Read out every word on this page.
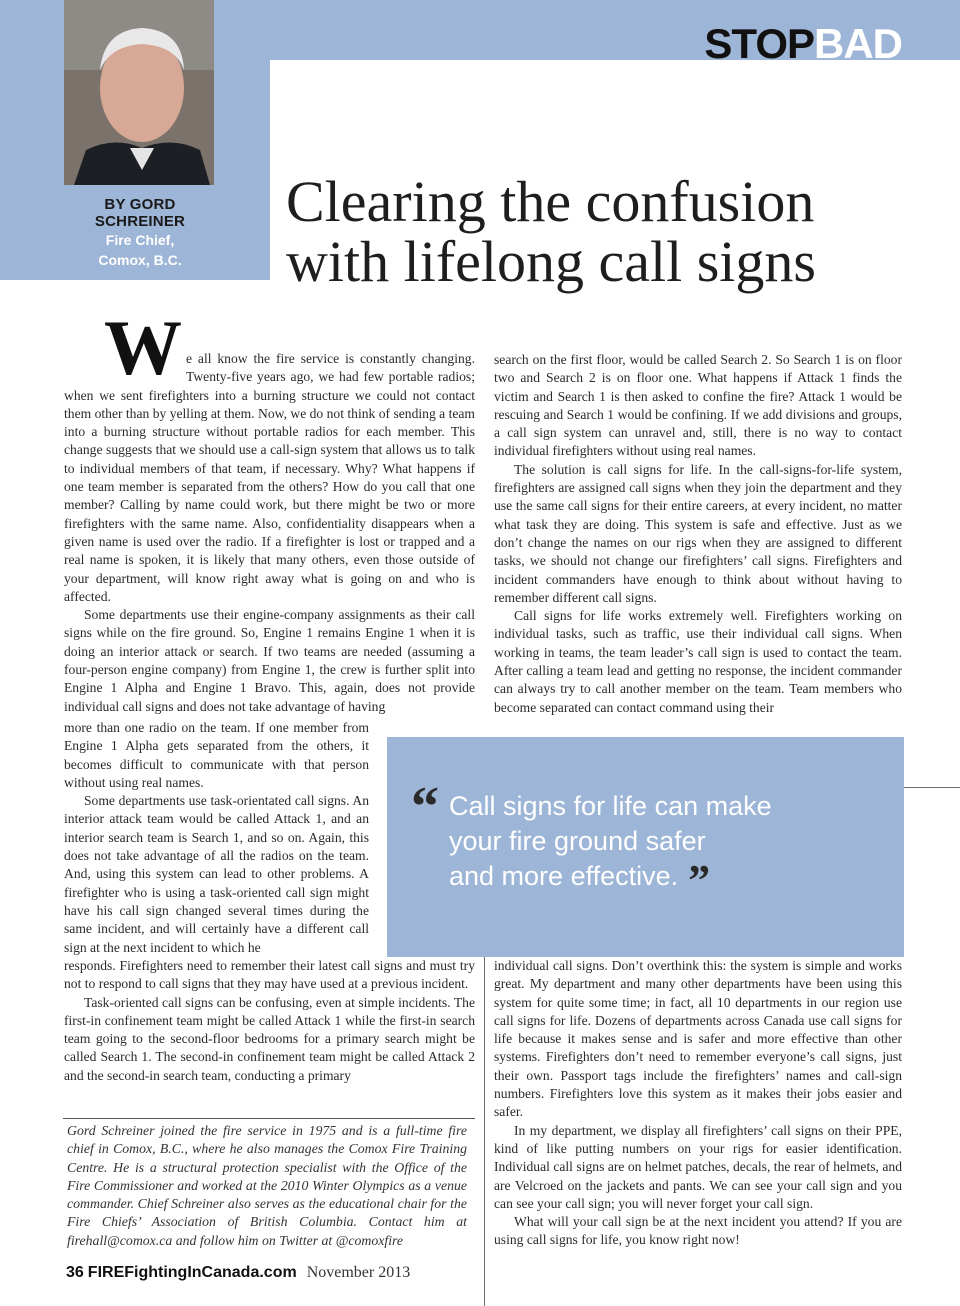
BY GORD SCHREINER
Fire Chief,
Comox, B.C.
STOPBAD
Clearing the confusion
with lifelong call signs
W e all know the fire service is constantly changing. Twenty-five years ago, we had few portable radios; when we sent firefighters into a burning structure we could not contact them other than by yelling at them. Now, we do not think of sending a team into a burning structure without portable radios for each member. This change suggests that we should use a call-sign system that allows us to talk to individual members of that team, if necessary. Why? What happens if one team member is separated from the others? How do you call that one member? Calling by name could work, but there might be two or more firefighters with the same name. Also, confidentiality disappears when a given name is used over the radio. If a firefighter is lost or trapped and a real name is spoken, it is likely that many others, even those outside of your department, will know right away what is going on and who is affected.

Some departments use their engine-company assignments as their call signs while on the fire ground. So, Engine 1 remains Engine 1 when it is doing an interior attack or search. If two teams are needed (assuming a four-person engine company) from Engine 1, the crew is further split into Engine 1 Alpha and Engine 1 Bravo. This, again, does not provide individual call signs and does not take advantage of having

more than one radio on the team. If one member from Engine 1 Alpha gets separated from the others, it becomes difficult to communicate with that person without using real names.

Some departments use task-orientated call signs. An interior attack team would be called Attack 1, and an interior search team is Search 1, and so on. Again, this does not take advantage of all the radios on the team. And, using this system can lead to other problems. A firefighter who is using a task-oriented call sign might have his call sign changed several times during the same incident, and will certainly have a different call sign at the next incident to which he

responds. Firefighters need to remember their latest call signs and must try not to respond to call signs that they may have used at a previous incident.

Task-oriented call signs can be confusing, even at simple incidents. The first-in confinement team might be called Attack 1 while the first-in search team going to the second-floor bedrooms for a primary search might be called Search 1. The second-in confinement team might be called Attack 2 and the second-in search team, conducting a primary

search on the first floor, would be called Search 2. So Search 1 is on floor two and Search 2 is on floor one. What happens if Attack 1 finds the victim and Search 1 is then asked to confine the fire? Attack 1 would be rescuing and Search 1 would be confining. If we add divisions and groups, a call sign system can unravel and, still, there is no way to contact individual firefighters without using real names.

The solution is call signs for life. In the call-signs-for-life system, firefighters are assigned call signs when they join the department and they use the same call signs for their entire careers, at every incident, no matter what task they are doing. This system is safe and effective. Just as we don’t change the names on our rigs when they are assigned to different tasks, we should not change our firefighters’ call signs. Firefighters and incident commanders have enough to think about without having to remember different call signs.

Call signs for life works extremely well. Firefighters working on individual tasks, such as traffic, use their individual call signs. When working in teams, the team leader’s call sign is used to contact the team. After calling a team lead and getting no response, the incident commander can always try to call another member on the team. Team members who become separated can contact command using their

“ Call signs for life can make
your fire ground safer
and more effective. ”

individual call signs. Don’t overthink this: the system is simple and works great. My department and many other departments have been using this system for quite some time; in fact, all 10 departments in our region use call signs for life. Dozens of departments across Canada use call signs for life because it makes sense and is safer and more effective than other systems. Firefighters don’t need to remember everyone’s call signs, just their own. Passport tags include the firefighters’ names and call-sign numbers. Firefighters love this system as it makes their jobs easier and safer.

In my department, we display all firefighters’ call signs on their PPE, kind of like putting numbers on your rigs for easier identification. Individual call signs are on helmet patches, decals, the rear of helmets, and are Velcroed on the jackets and pants. We can see your call sign and you can see your call sign; you will never forget your call sign.

What will your call sign be at the next incident you attend? If you are using call signs for life, you know right now!

Gord Schreiner joined the fire service in 1975 and is a full-time fire chief in Comox, B.C., where he also manages the Comox Fire Training Centre. He is a structural protection specialist with the Office of the Fire Commissioner and worked at the 2010 Winter Olympics as a venue commander. Chief Schreiner also serves as the educational chair for the Fire Chiefs’ Association of British Columbia. Contact him at firehall@comox.ca and follow him on Twitter at @comoxfire
36 FIREFightingInCanada.com November 2013
